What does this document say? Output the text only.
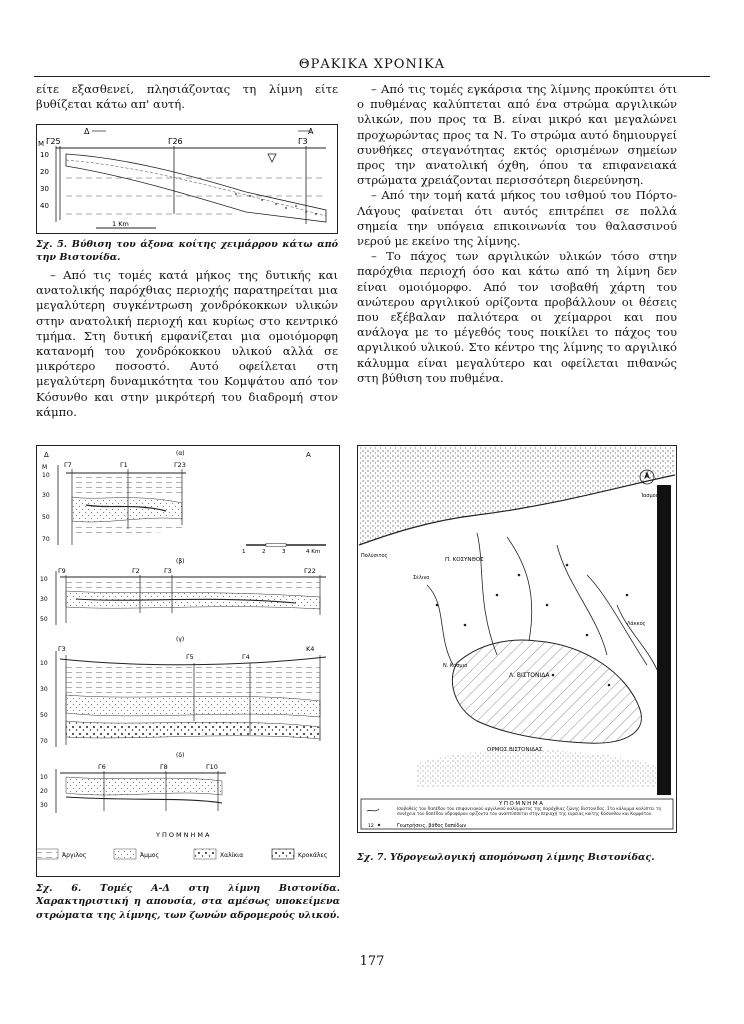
ΘΡΑΚΙΚΑ ΧΡΟΝΙΚΑ

είτε εξασθενεί, πλησιάζοντας τη λίμνη είτε βυθίζεται κάτω απ' αυτή.

Δ	Α
Γ25	Γ26	Γ3
Μ
10
20
30
40
1 Km
Σχ. 5. Βύθιση του άξονα κοίτης χειμάρρου κάτω από την Βιστονίδα.

– Από τις τομές κατά μήκος της δυτικής και ανατολικής παρόχθιας περιοχής παρατηρείται μια μεγαλύτερη συγκέντρωση χονδρόκοκκων υλικών στην ανατολική περιοχή και κυρίως στο κεντρικό τμήμα. Στη δυτική εμφανίζεται μια ομοιόμορφη κατανομή του χονδρόκοκκου υλικού αλλά σε μικρότερο ποσοστό. Αυτό οφείλεται στη μεγαλύτερη δυναμικότητα του Κομψάτου από τον Κόσυνθο και στην μικρότερή του διαδρομή στον κάμπο.

– Από τις τομές εγκάρσια της λίμνης προκύπτει ότι ο πυθμένας καλύπτεται από ένα στρώμα αργιλικών υλικών, που προς τα Β. είναι μικρό και μεγαλώνει προχωρώντας προς τα Ν. Το στρώμα αυτό δημιουργεί συνθήκες στεγανότητας εκτός ορισμένων σημείων προς την ανατολική όχθη, όπου τα επιφανειακά στρώματα χρειάζονται περισσότερη διερεύνηση.

– Από την τομή κατά μήκος του ισθμού του Πόρτο-Λάγους φαίνεται ότι αυτός επιτρέπει σε πολλά σημεία την υπόγεια επικοινωνία του θαλασσινού νερού με εκείνο της λίμνης.

– Το πάχος των αργιλικών υλικών τόσο στην παρόχθια περιοχή όσο και κάτω από τη λίμνη δεν είναι ομοιόμορφο. Από τον ισοβαθή χάρτη του ανώτερου αργιλικού ορίζοντα προβάλλουν οι θέσεις που εξέβαλαν παλιότερα οι χείμαρροι και που ανάλογα με το μέγεθός τους ποικίλει το πάχος του αργιλικού υλικού. Στο κέντρο της λίμνης το αργιλικό κάλυμμα είναι μεγαλύτερο και οφείλεται πιθανώς στη βύθιση του πυθμένα.

Δ	Α
(α)
Μ	Γ7	Γ1	Γ23
10
30
50
70
1	2	3	4 Km
(β)
Γ9	Γ2	Γ3	Γ22
10
30
50
(γ)
Γ3
Γ5	Γ4
Κ4
10
30
50
70
(δ)
Γ6	Γ8	Γ10
10
20
30
ΥΠΟΜΝΗΜΑ
Άργιλος	Άμμος	Χαλίκια	Κροκάλες
Σχ. 6. Τομές Α-Δ στη λίμνη Βιστονίδα. Χαρακτηριστική η απουσία, στα αμέσως υποκείμενα στρώματα της λίμνης, των ζωνών αδρομερούς υλικού.
Π. ΚΟΣΥΝΘΟΣ
Λ. ΒΙΣΤΟΝΙΔΑ
ΟΡΜΟΣ ΒΙΣΤΟΝΙΔΑΣ
Ίασμος
Πολύσιτος
Σέλινο
Λάκκος
Ν. Κόσμιο
ΥΠΟΜΝΗΜΑ
Ισοβαθείς του δαπέδου του επιφανειακού αργιλικού καλύμματος της παρόχθιας ζώνης Βιστονίδας. Στο κάλυμμα καλύπτει τη συνέχεια του δαπέδου υδροφόρου ορίζοντα του αναπτύσσεται στην περιοχή της ευρείας κοίτης Κόσυνθου και Κομψάτου.
12	Γεωτρήσεις, βάθος δαπέδων
Σχ. 7. Υδρογεωλογική απομόνωση λίμνης Βιστονίδας.
177
